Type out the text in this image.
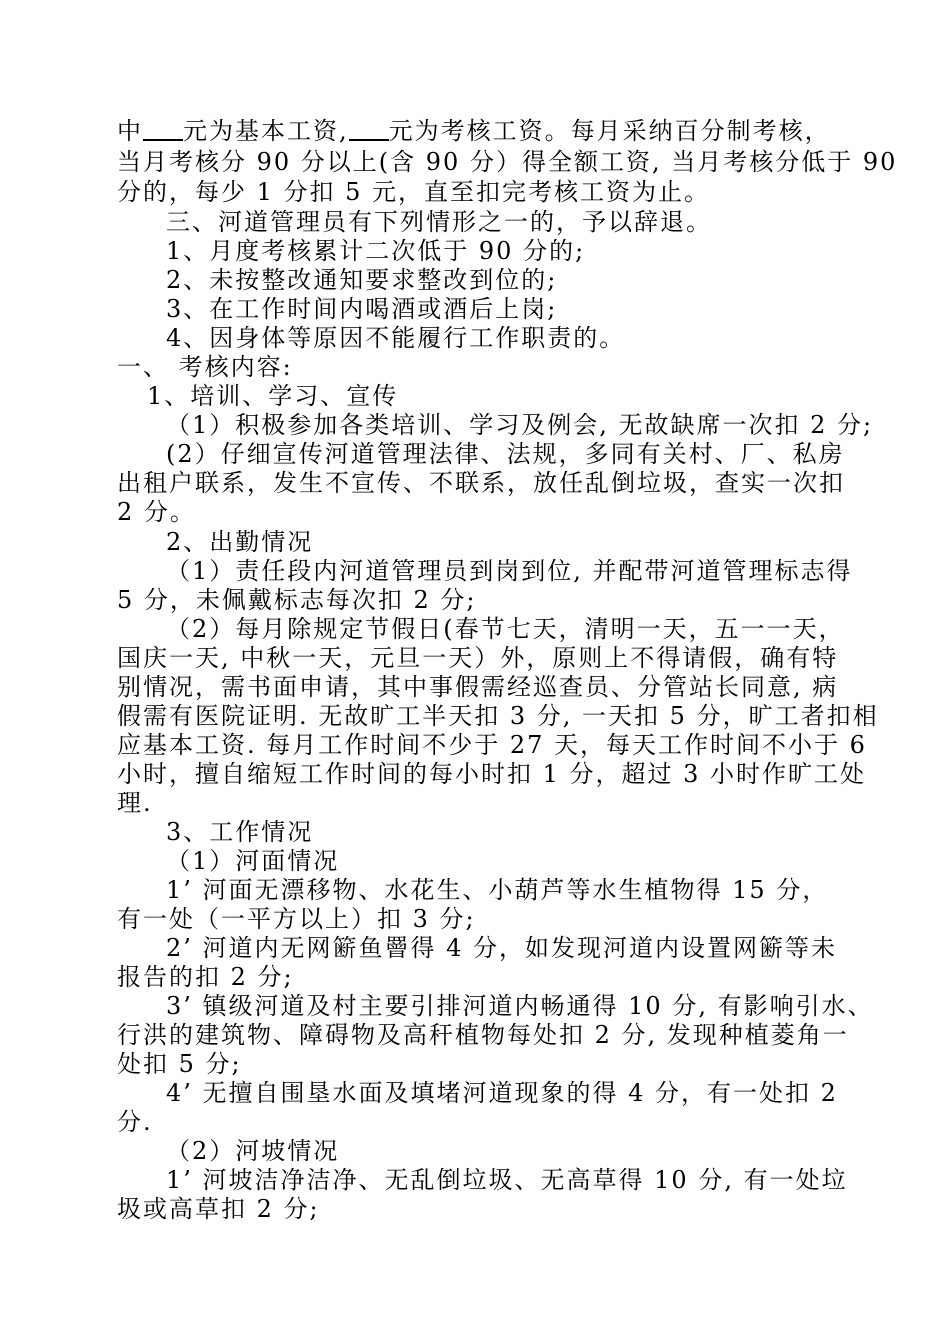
中 元为基本工资, 元为考核工资。每月采纳百分制考核，
当月考核分 90 分以上(含 90 分）得全额工资, 当月考核分低于 90
分的，每少 1 分扣 5 元，直至扣完考核工资为止。
三、河道管理员有下列情形之一的，予以辞退。
1、月度考核累计二次低于 90 分的;
2、未按整改通知要求整改到位的;
3、在工作时间内喝酒或酒后上岗;
4、因身体等原因不能履行工作职责的。
一、 考核内容:
1、培训、学习、宣传
（1）积极参加各类培训、学习及例会, 无故缺席一次扣 2 分;
(2）仔细宣传河道管理法律、法规，多同有关村、厂、私房
出租户联系，发生不宣传、不联系，放任乱倒垃圾，查实一次扣
2 分。
2、出勤情况
（1）责任段内河道管理员到岗到位, 并配带河道管理标志得
5 分，未佩戴标志每次扣 2 分;
（2）每月除规定节假日(春节七天，清明一天，五一一天，
国庆一天, 中秋一天，元旦一天）外，原则上不得请假，确有特
别情况，需书面申请，其中事假需经巡查员、分管站长同意, 病
假需有医院证明. 无故旷工半天扣 3 分, 一天扣 5 分，旷工者扣相
应基本工资. 每月工作时间不少于 27 天，每天工作时间不小于 6
小时，擅自缩短工作时间的每小时扣 1 分，超过 3 小时作旷工处
理.
3、工作情况
（1）河面情况
1’ 河面无漂移物、水花生、小葫芦等水生植物得 15 分，
有一处（一平方以上）扣 3 分;
2’ 河道内无网簖鱼罾得 4 分，如发现河道内设置网簖等未
报告的扣 2 分;
3’ 镇级河道及村主要引排河道内畅通得 10 分, 有影响引水、
行洪的建筑物、障碍物及高秆植物每处扣 2 分, 发现种植菱角一
处扣 5 分;
4’ 无擅自围垦水面及填堵河道现象的得 4 分，有一处扣 2
分.
（2）河坡情况
1’ 河坡洁净洁净、无乱倒垃圾、无高草得 10 分, 有一处垃
圾或高草扣 2 分;
